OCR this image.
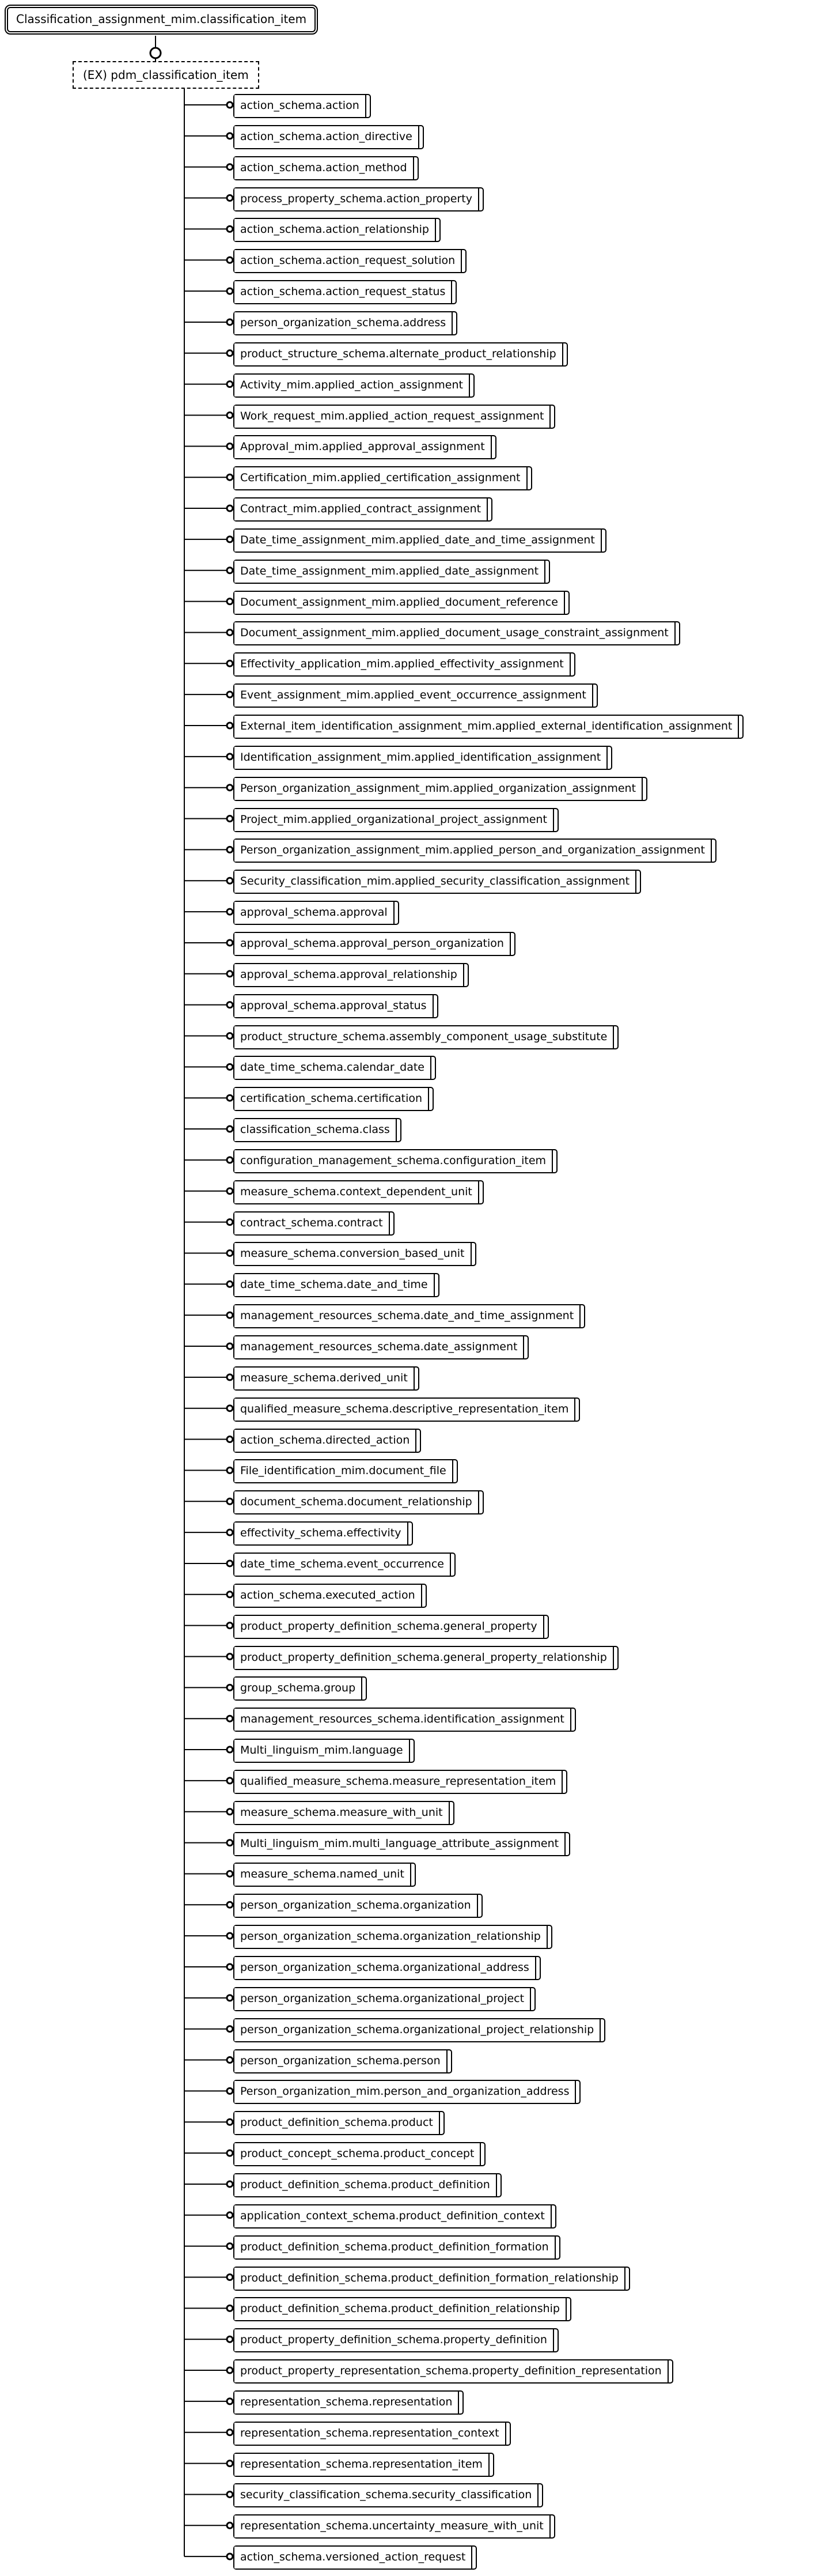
Classification_assignment_mim.classification_item
(EX) pdm_classification_item
action_schema.action
action_schema.action_directive
action_schema.action_method
process_property_schema.action_property
action_schema.action_relationship
action_schema.action_request_solution
action_schema.action_request_status
person_organization_schema.address
product_structure_schema.alternate_product_relationship
Activity_mim.applied_action_assignment
Work_request_mim.applied_action_request_assignment
Approval_mim.applied_approval_assignment
Certification_mim.applied_certification_assignment
Contract_mim.applied_contract_assignment
Date_time_assignment_mim.applied_date_and_time_assignment
Date_time_assignment_mim.applied_date_assignment
Document_assignment_mim.applied_document_reference
Document_assignment_mim.applied_document_usage_constraint_assignment
Effectivity_application_mim.applied_effectivity_assignment
Event_assignment_mim.applied_event_occurrence_assignment
External_item_identification_assignment_mim.applied_external_identification_assignment
Identification_assignment_mim.applied_identification_assignment
Person_organization_assignment_mim.applied_organization_assignment
Project_mim.applied_organizational_project_assignment
Person_organization_assignment_mim.applied_person_and_organization_assignment
Security_classification_mim.applied_security_classification_assignment
approval_schema.approval
approval_schema.approval_person_organization
approval_schema.approval_relationship
approval_schema.approval_status
product_structure_schema.assembly_component_usage_substitute
date_time_schema.calendar_date
certification_schema.certification
classification_schema.class
configuration_management_schema.configuration_item
measure_schema.context_dependent_unit
contract_schema.contract
measure_schema.conversion_based_unit
date_time_schema.date_and_time
management_resources_schema.date_and_time_assignment
management_resources_schema.date_assignment
measure_schema.derived_unit
qualified_measure_schema.descriptive_representation_item
action_schema.directed_action
File_identification_mim.document_file
document_schema.document_relationship
effectivity_schema.effectivity
date_time_schema.event_occurrence
action_schema.executed_action
product_property_definition_schema.general_property
product_property_definition_schema.general_property_relationship
group_schema.group
management_resources_schema.identification_assignment
Multi_linguism_mim.language
qualified_measure_schema.measure_representation_item
measure_schema.measure_with_unit
Multi_linguism_mim.multi_language_attribute_assignment
measure_schema.named_unit
person_organization_schema.organization
person_organization_schema.organization_relationship
person_organization_schema.organizational_address
person_organization_schema.organizational_project
person_organization_schema.organizational_project_relationship
person_organization_schema.person
Person_organization_mim.person_and_organization_address
product_definition_schema.product
product_concept_schema.product_concept
product_definition_schema.product_definition
application_context_schema.product_definition_context
product_definition_schema.product_definition_formation
product_definition_schema.product_definition_formation_relationship
product_definition_schema.product_definition_relationship
product_property_definition_schema.property_definition
product_property_representation_schema.property_definition_representation
representation_schema.representation
representation_schema.representation_context
representation_schema.representation_item
security_classification_schema.security_classification
representation_schema.uncertainty_measure_with_unit
action_schema.versioned_action_request
